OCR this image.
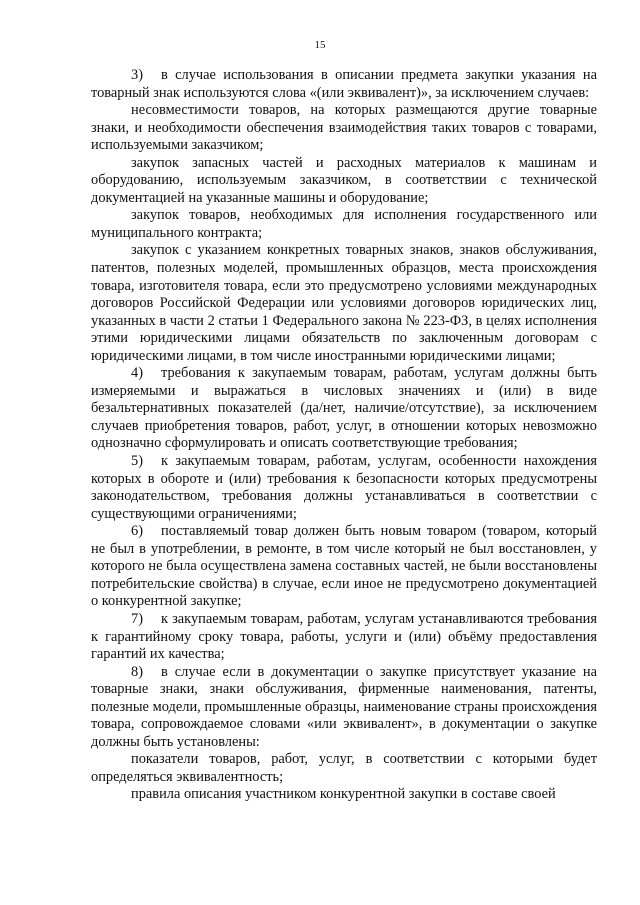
15

3) в случае использования в описании предмета закупки указания на товарный знак используются слова «(или эквивалент)», за исключением случаев:

несовместимости товаров, на которых размещаются другие товарные знаки, и необходимости обеспечения взаимодействия таких товаров с товарами, используемыми заказчиком;

закупок запасных частей и расходных материалов к машинам и оборудованию, используемым заказчиком, в соответствии с технической документацией на указанные машины и оборудование;

закупок товаров, необходимых для исполнения государственного или муниципального контракта;

закупок с указанием конкретных товарных знаков, знаков обслуживания, патентов, полезных моделей, промышленных образцов, места происхождения товара, изготовителя товара, если это предусмотрено условиями международных договоров Российской Федерации или условиями договоров юридических лиц, указанных в части 2 статьи 1 Федерального закона № 223-ФЗ, в целях исполнения этими юридическими лицами обязательств по заключенным договорам с юридическими лицами, в том числе иностранными юридическими лицами;

4) требования к закупаемым товарам, работам, услугам должны быть измеряемыми и выражаться в числовых значениях и (или) в виде безальтернативных показателей (да/нет, наличие/отсутствие), за исключением случаев приобретения товаров, работ, услуг, в отношении которых невозможно однозначно сформулировать и описать соответствующие требования;

5) к закупаемым товарам, работам, услугам, особенности нахождения которых в обороте и (или) требования к безопасности которых предусмотрены законодательством, требования должны устанавливаться в соответствии с существующими ограничениями;

6) поставляемый товар должен быть новым товаром (товаром, который не был в употреблении, в ремонте, в том числе который не был восстановлен, у которого не была осуществлена замена составных частей, не были восстановлены потребительские свойства) в случае, если иное не предусмотрено документацией о конкурентной закупке;

7) к закупаемым товарам, работам, услугам устанавливаются требования к гарантийному сроку товара, работы, услуги и (или) объёму предоставления гарантий их качества;

8) в случае если в документации о закупке присутствует указание на товарные знаки, знаки обслуживания, фирменные наименования, патенты, полезные модели, промышленные образцы, наименование страны происхождения товара, сопровождаемое словами «или эквивалент», в документации о закупке должны быть установлены:

показатели товаров, работ, услуг, в соответствии с которыми будет определяться эквивалентность;

правила описания участником конкурентной закупки в составе своей
